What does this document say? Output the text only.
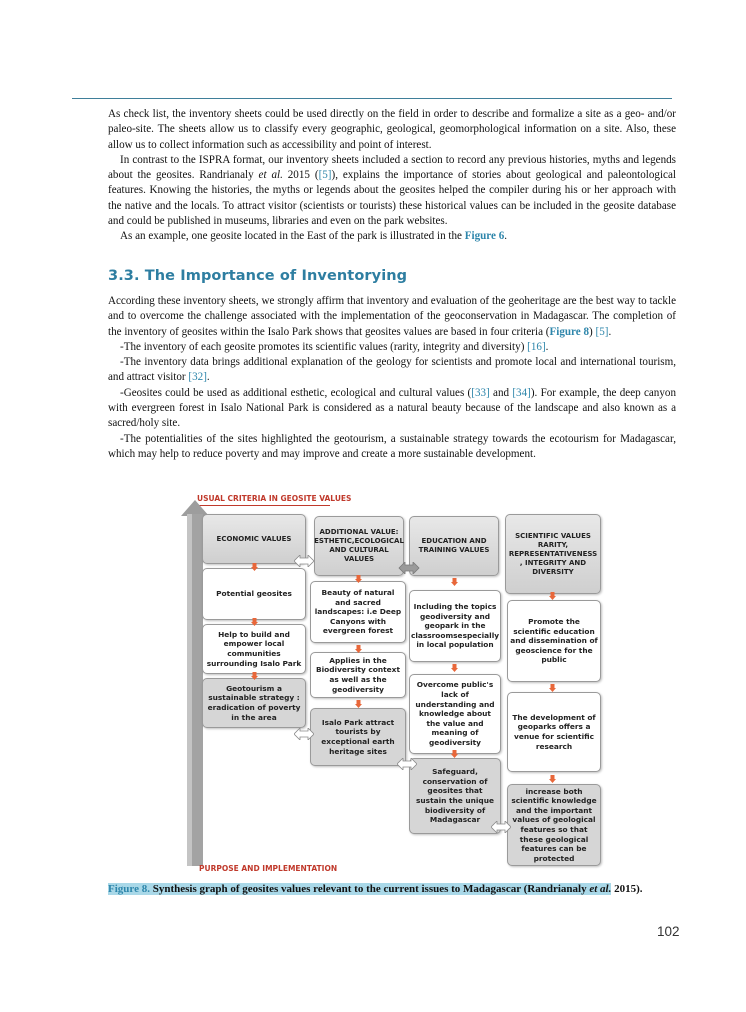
As check list, the inventory sheets could be used directly on the field in order to describe and formalize a site as a geo- and/or paleo-site. The sheets allow us to classify every geographic, geological, geomorphological information on a site. Also, these allow us to collect information such as accessibility and point of interest.

In contrast to the ISPRA format, our inventory sheets included a section to record any previous histories, myths and legends about the geosites. Randrianaly et al. 2015 ([5]), explains the importance of stories about geological and paleontological features. Knowing the histories, the myths or legends about the geosites helped the compiler during his or her approach with the native and the locals. To attract visitor (scientists or tourists) these historical values can be included in the geosite database and could be published in museums, libraries and even on the park websites.

As an example, one geosite located in the East of the park is illustrated in the Figure 6.

3.3. The Importance of Inventorying

According these inventory sheets, we strongly affirm that inventory and evaluation of the geoheritage are the best way to tackle and to overcome the challenge associated with the implementation of the geoconservation in Madagascar. The completion of the inventory of geosites within the Isalo Park shows that geosites values are based in four criteria (Figure 8) [5].

-The inventory of each geosite promotes its scientific values (rarity, integrity and diversity) [16].

-The inventory data brings additional explanation of the geology for scientists and promote local and international tourism, and attract visitor [32].

-Geosites could be used as additional esthetic, ecological and cultural values ([33] and [34]). For example, the deep canyon with evergreen forest in Isalo National Park is considered as a natural beauty because of the landscape and also known as a sacred/holy site.

-The potentialities of the sites highlighted the geotourism, a sustainable strategy towards the ecotourism for Madagascar, which may help to reduce poverty and may improve and create a more sustainable development.

USUAL CRITERIA IN GEOSITE VALUES
PURPOSE AND IMPLEMENTATION
ECONOMIC VALUES
Potential geosites
Help to build and empower local communities surrounding Isalo Park
Geotourism a sustainable strategy : eradication of poverty in the area
ADDITIONAL VALUE: ESTHETIC,ECOLOGICAL AND CULTURAL VALUES
Beauty of natural and sacred landscapes: i.e Deep Canyons with evergreen forest
Applies in the Biodiversity context as well as the geodiversity
Isalo Park attract tourists by exceptional earth heritage sites
EDUCATION AND TRAINING VALUES
Including the topics geodiversity and geopark in the classroomsespecially in local population
Overcome public's lack of understanding and knowledge about the value and meaning of geodiversity
Safeguard, conservation of geosites that sustain the unique biodiversity of Madagascar
SCIENTIFIC VALUES RARITY, REPRESENTATIVENESS , INTEGRITY AND DIVERSITY
Promote the scientific education and dissemination of geoscience for the public
The development of geoparks offers a venue for scientific research
increase both scientific knowledge and the important values of geological features so that these geological features can be protected
Figure 8. Synthesis graph of geosites values relevant to the current issues to Madagascar (Randrianaly et al. 2015).
102
